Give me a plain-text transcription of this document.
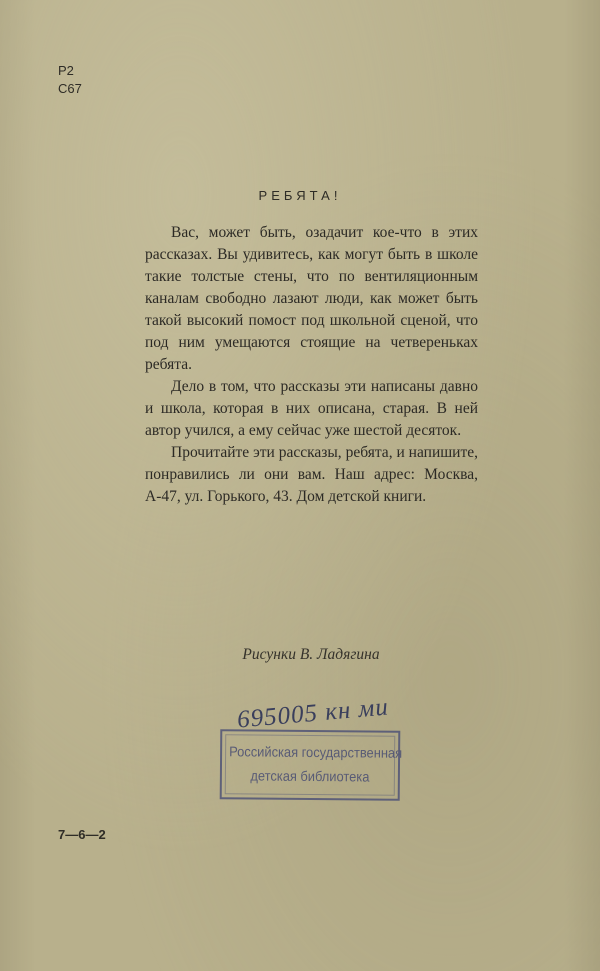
Р2
С67
РЕБЯТА!

Вас, может быть, озадачит кое-что в этих рассказах. Вы удивитесь, как могут быть в школе такие толстые стены, что по вентиляционным каналам свободно лазают люди, как может быть такой высокий помост под школьной сценой, что под ним умещаются стоящие на четвереньках ребята.

Дело в том, что рассказы эти написаны давно и школа, которая в них описана, старая. В ней автор учился, а ему сейчас уже шестой десяток.

Прочитайте эти рассказы, ребята, и напишите, понравились ли они вам. Наш адрес: Москва, А-47, ул. Горького, 43. Дом детской книги.

Рисунки В. Ладягина
695005 кн ми
Российская государственная
детская библиотека
7—6—2
